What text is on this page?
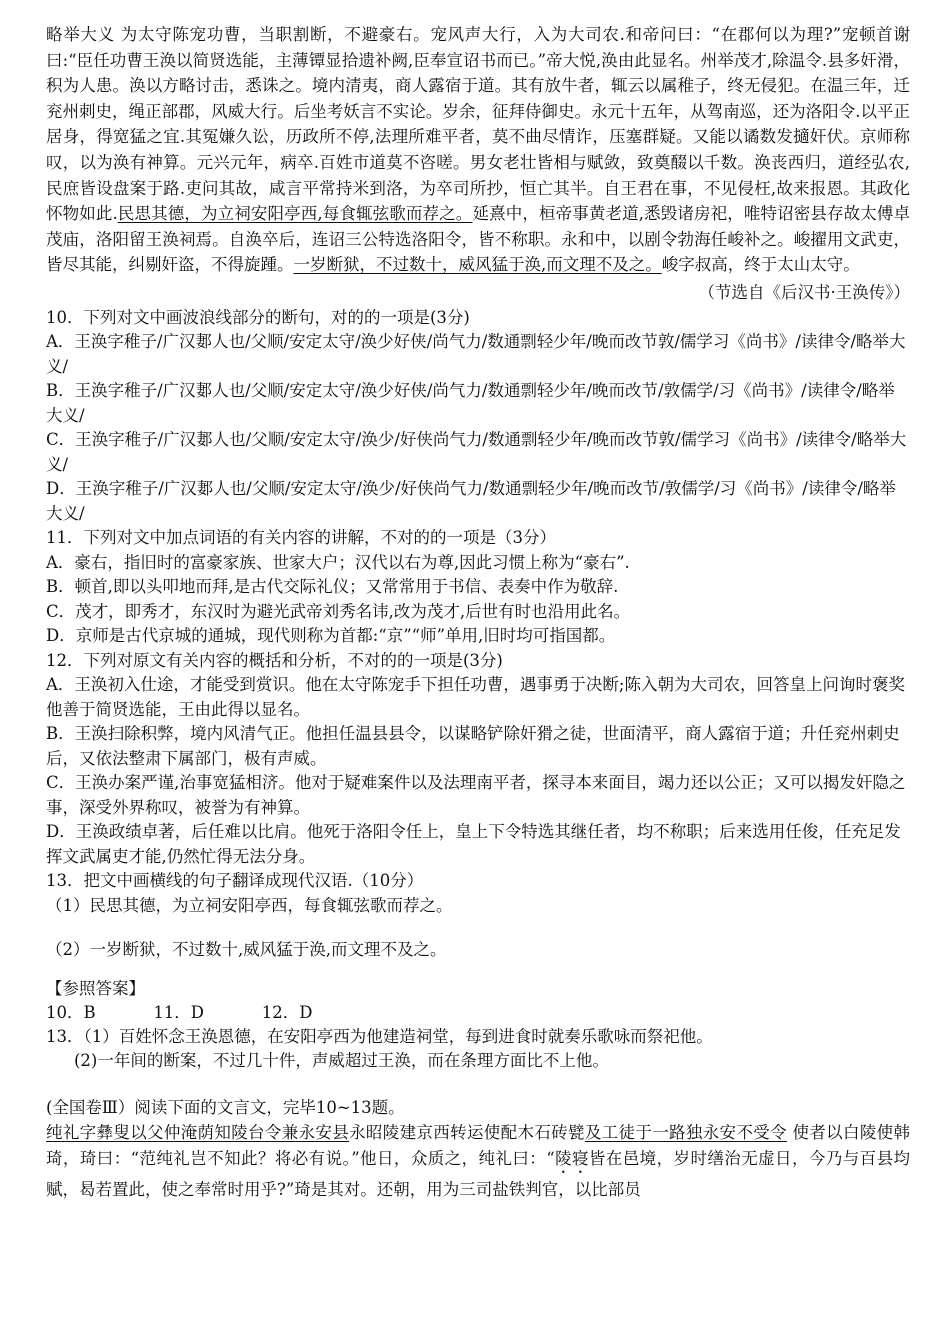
略举大义 为太守陈宠功曹，当职割断，不避豪右。宠风声大行，入为大司农.和帝问曰：“在郡何以为理?”宠顿首谢曰:“臣任功曹王涣以简贤选能，主薄镡显拾遗补阙,臣奉宣诏书而已。”帝大悦,涣由此显名。州举茂才,除温令.县多奸滑，积为人患。涣以方略讨击，悉诛之。境内清夷，商人露宿于道。其有放牛者，辄云以属稚子，终无侵犯。在温三年，迁兖州刺史，绳正部郡，风威大行。后坐考妖言不实论。岁余，征拜侍御史。永元十五年，从驾南巡，还为洛阳令.以平正居身，得宽猛之宜.其冤嫌久讼，历政所不停,法理所难平者，莫不曲尽情诈，压塞群疑。又能以谲数发擿奸伏。京师称叹，以为涣有神算。元兴元年，病卒.百姓市道莫不咨嗟。男女老壮皆相与赋敛，致奠醊以千数。涣丧西归，道经弘农,民庶皆设盘案于路.吏问其故，咸言平常持米到洛，为卒司所抄，恒亡其半。自王君在事，不见侵枉,故来报恩。其政化怀物如此.民思其德，为立祠安阳亭西,每食辄弦歌而荐之。延熹中，桓帝事黄老道,悉毁诸房祀，唯特诏密县存故太傅卓茂庙，洛阳留王涣祠焉。自涣卒后，连诏三公特选洛阳令，皆不称职。永和中，以剧令勃海任峻补之。峻擢用文武吏，皆尽其能，纠剔奸盗，不得旋踵。一岁断狱，不过数十，威风猛于涣,而文理不及之。峻字叔高，终于太山太守。

（节选自《后汉书·王涣传》）

10．下列对文中画波浪线部分的断句，对的的一项是(3分)

A．王涣字稚子/广汉郪人也/父顺/安定太守/涣少好侠/尚气力/数通剽轻少年/晚而改节敦/儒学习《尚书》/读律令/略举大义/

B．王涣字稚子/广汉郪人也/父顺/安定太守/涣少好侠/尚气力/数通剽轻少年/晚而改节/敦儒学/习《尚书》/读律令/略举大义/

C．王涣字稚子/广汉郪人也/父顺/安定太守/涣少/好侠尚气力/数通剽轻少年/晚而改节敦/儒学习《尚书》/读律令/略举大义/

D．王涣字稚子/广汉郪人也/父顺/安定太守/涣少/好侠尚气力/数通剽轻少年/晚而改节/敦儒学/习《尚书》/读律令/略举大义/

11．下列对文中加点词语的有关内容的讲解，不对的的一项是（3分）

A．豪右，指旧时的富豪家族、世家大户；汉代以右为尊,因此习惯上称为“豪右”.

B．顿首,即以头叩地而拜,是古代交际礼仪；又常常用于书信、表奏中作为敬辞.

C．茂才，即秀才，东汉时为避光武帝刘秀名讳,改为茂才,后世有时也沿用此名。

D．京师是古代京城的通城，现代则称为首都:“京”“师”单用,旧时均可指国都。

12．下列对原文有关内容的概括和分析，不对的的一项是(3分)

A．王涣初入仕途，才能受到赏识。他在太守陈宠手下担任功曹，遇事勇于决断;陈入朝为大司农，回答皇上问询时褒奖他善于简贤选能，王由此得以显名。

B．王涣扫除积弊，境内风清气正。他担任温县县令，以谋略铲除奸猾之徒，世面清平，商人露宿于道；升任兖州刺史后，又依法整肃下属部门，极有声威。

C．王涣办案严谨,治事宽猛相济。他对于疑难案件以及法理南平者，探寻本来面目，竭力还以公正；又可以揭发奸隐之事，深受外界称叹，被誉为有神算。

D．王涣政绩卓著，后任难以比肩。他死于洛阳令任上，皇上下令特选其继任者，均不称职；后来选用任俊，任充足发挥文武属吏才能,仍然忙得无法分身。

13．把文中画横线的句子翻译成现代汉语.（10分）

（1）民思其德，为立祠安阳亭西，每食辄弦歌而荐之。

（2）一岁断狱，不过数十,威风猛于涣,而文理不及之。

【参照答案】
10．B           11．D           12．D
13．（1）百姓怀念王涣恩德，在安阳亭西为他建造祠堂，每到进食时就奏乐歌咏而祭祀他。
(2)一年间的断案，不过几十件，声威超过王涣，而在条理方面比不上他。

(全国卷Ⅲ）阅读下面的文言文，完毕10~13题。

纯礼字彝叟以父仲淹荫知陵台令兼永安县永昭陵建京西转运使配木石砖甓及工徒于一路独永安不受令 使者以白陵使韩琦，琦曰：“范纯礼岂不知此？将必有说。”他日，众质之，纯礼曰：“陵寝皆在邑境，岁时缮治无虚日，今乃与百县均赋，曷若置此，使之奉常时用乎?”琦是其对。还朝，用为三司盐铁判官，以比部员
